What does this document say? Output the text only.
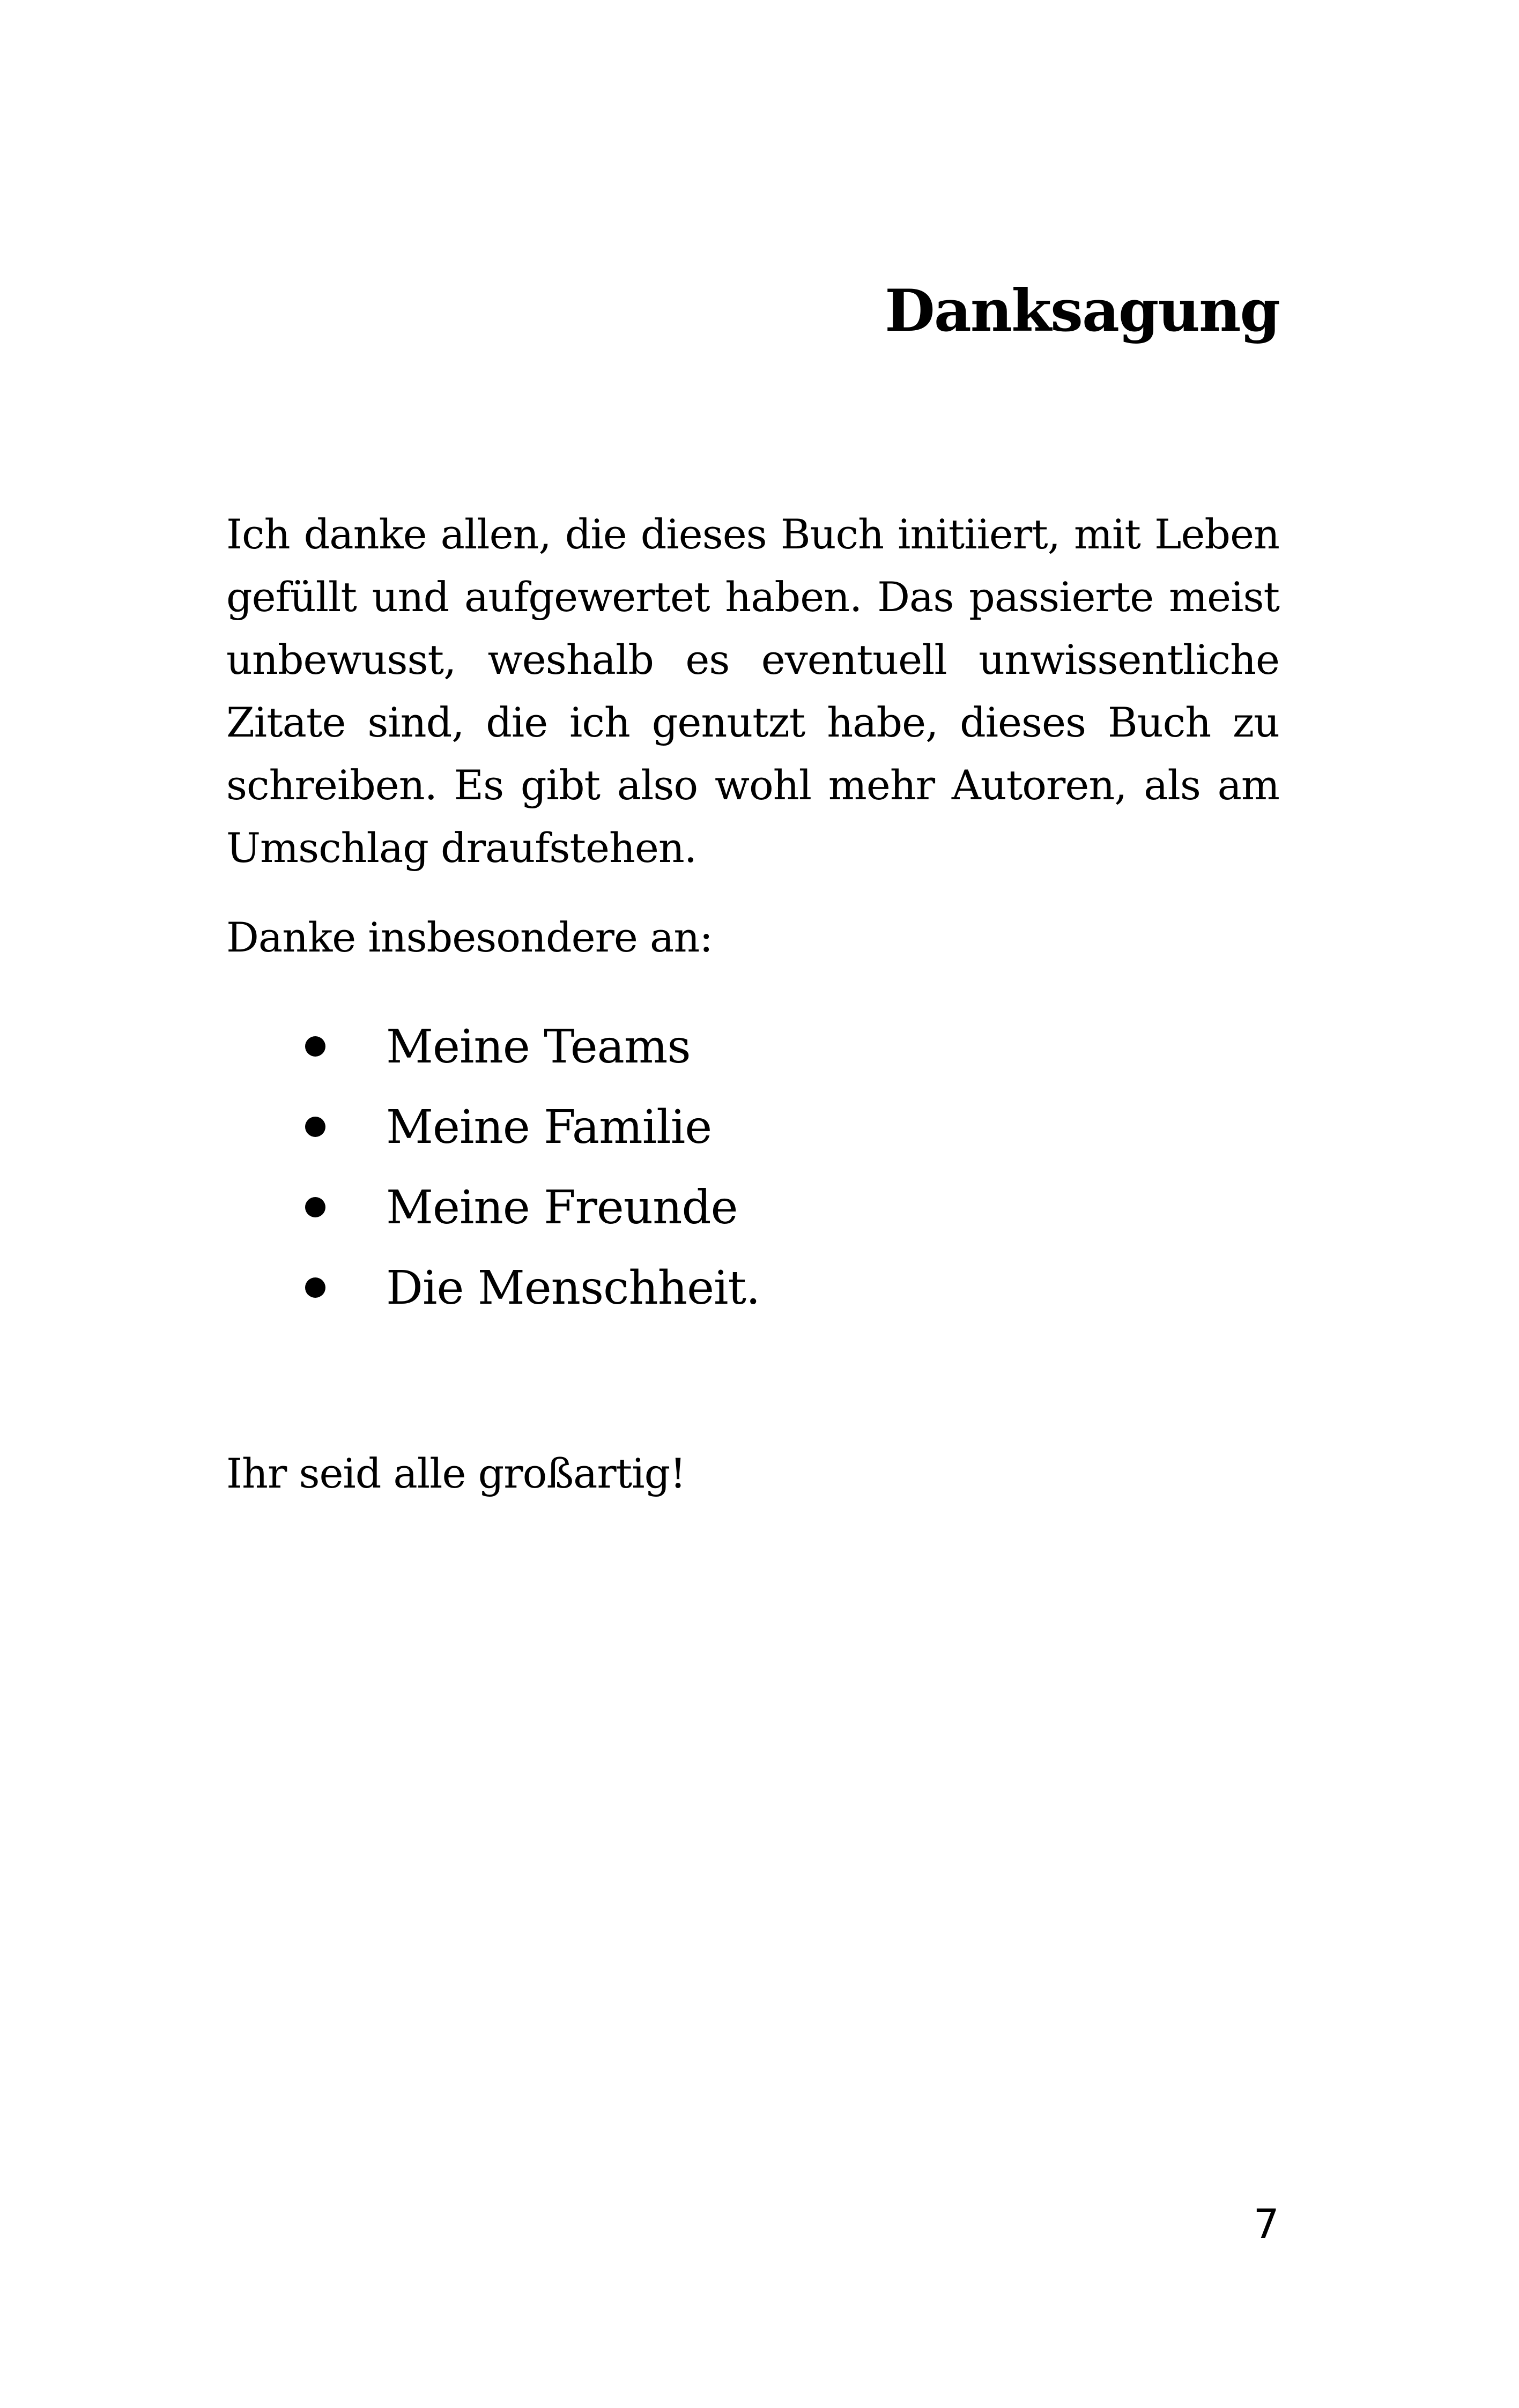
Danksagung

Ich danke allen, die dieses Buch initiiert, mit Leben gefüllt und aufgewertet haben. Das passierte meist unbewusst, weshalb es eventuell unwissentliche Zitate sind, die ich genutzt habe, dieses Buch zu schreiben. Es gibt also wohl mehr Autoren, als am Umschlag draufstehen.

Danke insbesondere an:

Meine Teams
Meine Familie
Meine Freunde
Die Menschheit.

Ihr seid alle großartig!

7
